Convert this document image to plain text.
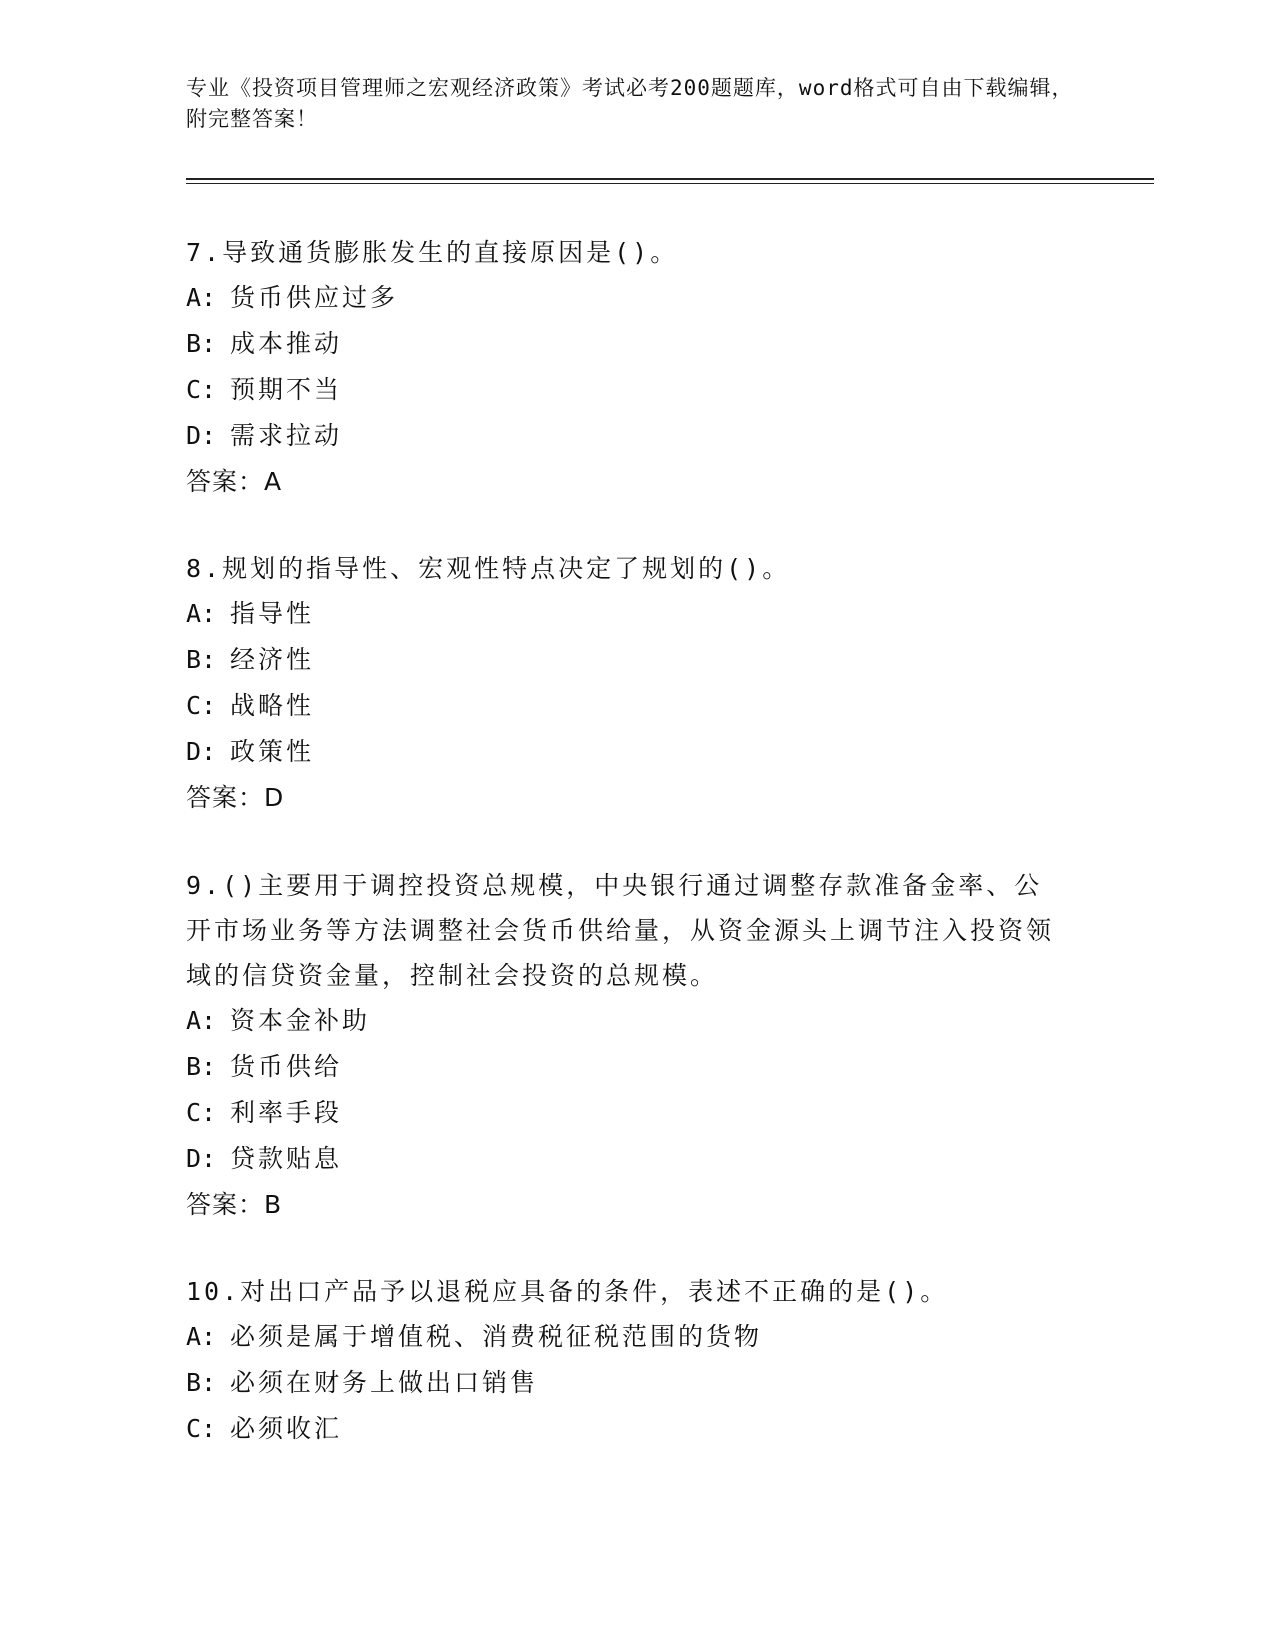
专业《投资项目管理师之宏观经济政策》考试必考200题题库，word格式可自由下载编辑，附完整答案！

7.导致通货膨胀发生的直接原因是()。

A: 货币供应过多

B: 成本推动

C: 预期不当

D: 需求拉动

答案：A

8.规划的指导性、宏观性特点决定了规划的()。

A: 指导性

B: 经济性

C: 战略性

D: 政策性

答案：D

9.()主要用于调控投资总规模，中央银行通过调整存款准备金率、公开市场业务等方法调整社会货币供给量，从资金源头上调节注入投资领域的信贷资金量，控制社会投资的总规模。

A: 资本金补助

B: 货币供给

C: 利率手段

D: 贷款贴息

答案：B

10.对出口产品予以退税应具备的条件，表述不正确的是()。

A: 必须是属于增值税、消费税征税范围的货物

B: 必须在财务上做出口销售

C: 必须收汇
